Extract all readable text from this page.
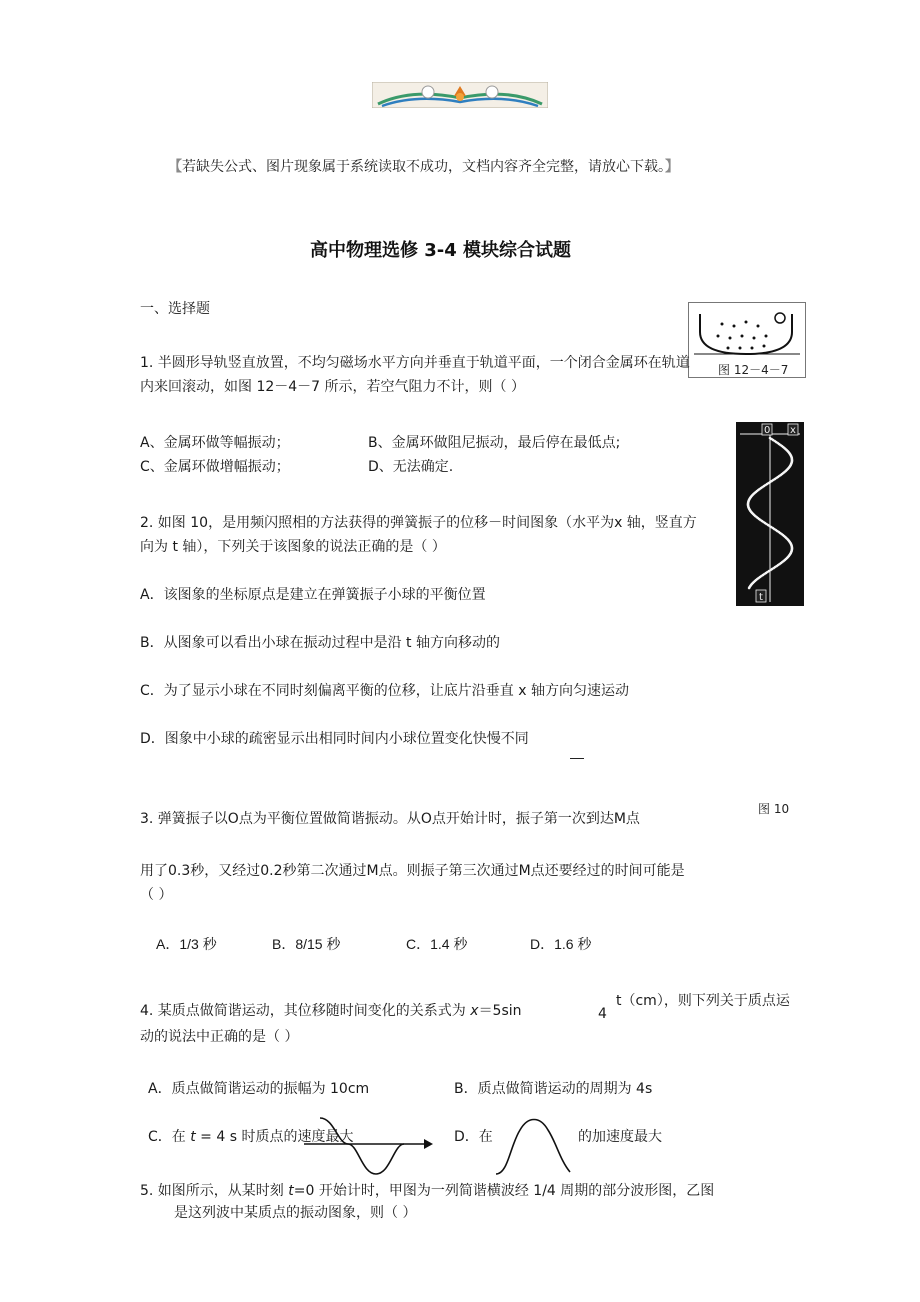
【若缺失公式、图片现象属于系统读取不成功，文档内容齐全完整，请放心下载。】
高中物理选修 3-4 模块综合试题
一、选择题
图 12－4－7
1. 半圆形导轨竖直放置，不均匀磁场水平方向并垂直于轨道平面，一个闭合金属环在轨道
内来回滚动，如图 12－4－7 所示，若空气阻力不计，则（ ）
A、金属环做等幅振动；	B、金属环做阻尼振动，最后停在最低点;
C、金属环做增幅振动；	D、无法确定.
0 x
t
2. 如图 10，是用频闪照相的方法获得的弹簧振子的位移－时间图象（水平为x 轴，竖直方
向为 t 轴），下列关于该图象的说法正确的是（ ）
A．该图象的坐标原点是建立在弹簧振子小球的平衡位置
B．从图象可以看出小球在振动过程中是沿 t 轴方向移动的
C．为了显示小球在不同时刻偏离平衡的位移，让底片沿垂直 x 轴方向匀速运动
D．图象中小球的疏密显示出相同时间内小球位置变化快慢不同
图 10
3. 弹簧振子以O点为平衡位置做简谐振动。从O点开始计时，振子第一次到达M点
用了0.3秒，又经过0.2秒第二次通过M点。则振子第三次通过M点还要经过的时间可能是
（ ）
A．1/3 秒	B．8/15 秒	C．1.4 秒	D．1.6 秒
4. 某质点做简谐运动，其位移随时间变化的关系式为 x＝5sin	4
t（cm），则下列关于质点运
动的说法中正确的是（ ）
A．质点做简谐运动的振幅为 10cm	B．质点做简谐运动的周期为 4s
C．在 t = 4 s 时质点的速度最大	D．在	的加速度最大
5. 如图所示，从某时刻 t=0 开始计时，甲图为一列简谐横波经 1/4 周期的部分波形图，乙图
是这列波中某质点的振动图象，则（ ）
